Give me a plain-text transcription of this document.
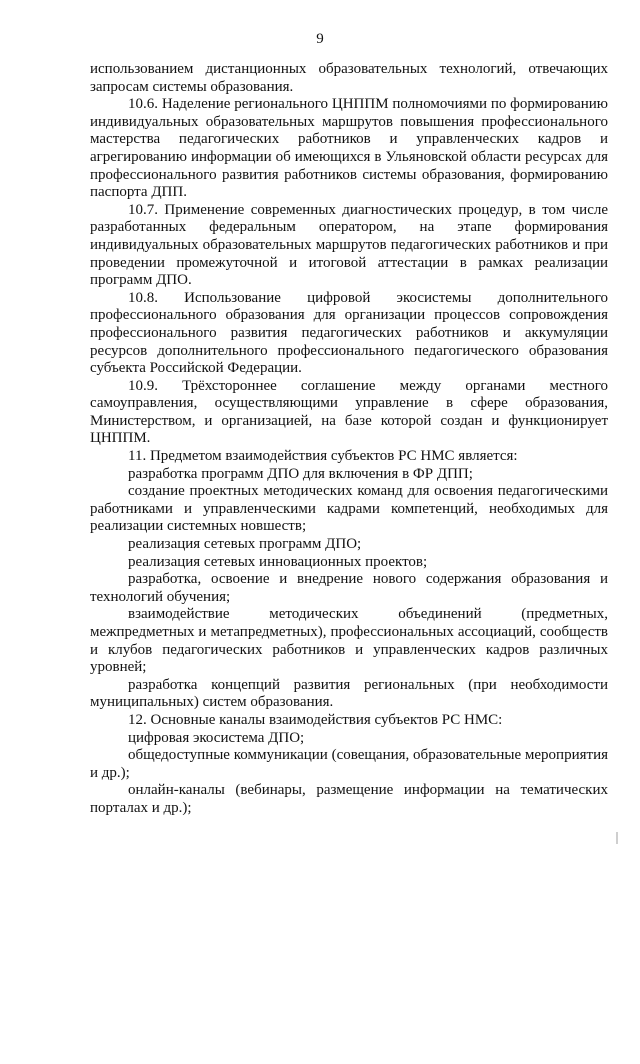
9

использованием дистанционных образовательных технологий, отвечающих запросам системы образования.

10.6. Наделение регионального ЦНППМ полномочиями по формированию индивидуальных образовательных маршрутов повышения профессионального мастерства педагогических работников и управленческих кадров и агрегированию информации об имеющихся в Ульяновской области ресурсах для профессионального развития работников системы образования, формированию паспорта ДПП.

10.7. Применение современных диагностических процедур, в том числе разработанных федеральным оператором, на этапе формирования индивидуальных образовательных маршрутов педагогических работников и при проведении промежуточной и итоговой аттестации в рамках реализации программ ДПО.

10.8. Использование цифровой экосистемы дополнительного профессионального образования для организации процессов сопровождения профессионального развития педагогических работников и аккумуляции ресурсов дополнительного профессионального педагогического образования субъекта Российской Федерации.

10.9. Трёхстороннее соглашение между органами местного самоуправления, осуществляющими управление в сфере образования, Министерством, и организацией, на базе которой создан и функционирует ЦНППМ.

11. Предметом взаимодействия субъектов РС НМС является:

разработка программ ДПО для включения в ФР ДПП;

создание проектных методических команд для освоения педагогическими работниками и управленческими кадрами компетенций, необходимых для реализации системных новшеств;

реализация сетевых программ ДПО;

реализация сетевых инновационных проектов;

разработка, освоение и внедрение нового содержания образования и технологий обучения;

взаимодействие методических объединений (предметных, межпредметных и метапредметных), профессиональных ассоциаций, сообществ и клубов педагогических работников и управленческих кадров различных уровней;

разработка концепций развития региональных (при необходимости муниципальных) систем образования.

12. Основные каналы взаимодействия субъектов РС НМС:

цифровая экосистема ДПО;

общедоступные коммуникации (совещания, образовательные мероприятия и др.);

онлайн-каналы (вебинары, размещение информации на тематических порталах и др.);
